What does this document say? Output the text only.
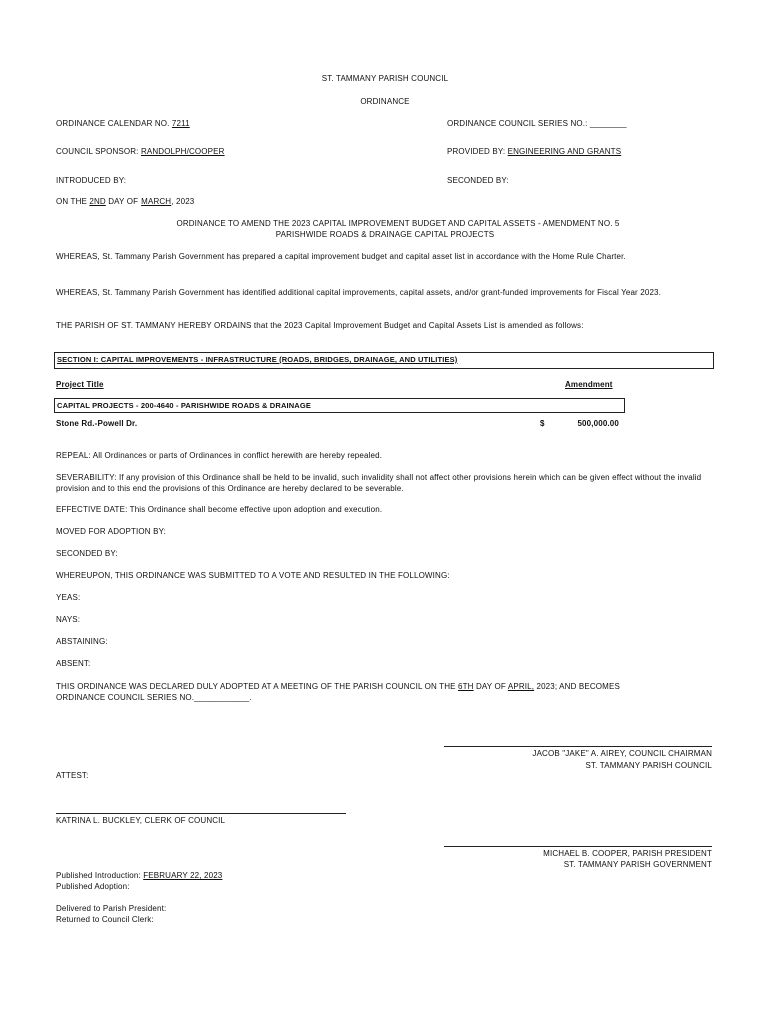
ST. TAMMANY PARISH COUNCIL
ORDINANCE
ORDINANCE CALENDAR NO. 7211	ORDINANCE COUNCIL SERIES NO.: ________
COUNCIL SPONSOR: RANDOLPH/COOPER	PROVIDED BY: ENGINEERING AND GRANTS
INTRODUCED BY:	SECONDED BY:
ON THE 2ND DAY OF MARCH, 2023
ORDINANCE TO AMEND THE 2023 CAPITAL IMPROVEMENT BUDGET AND CAPITAL ASSETS - AMENDMENT NO. 5
PARISHWIDE ROADS & DRAINAGE CAPITAL PROJECTS
WHEREAS, St. Tammany Parish Government has prepared a capital improvement budget and capital asset list in accordance with the Home Rule Charter.
WHEREAS, St. Tammany Parish Government has identified additional capital improvements, capital assets, and/or grant-funded improvements for Fiscal Year 2023.
THE PARISH OF ST. TAMMANY HEREBY ORDAINS that the 2023 Capital Improvement Budget and Capital Assets List is amended as follows:
SECTION I: CAPITAL IMPROVEMENTS - INFRASTRUCTURE (ROADS, BRIDGES, DRAINAGE, AND UTILITIES)
Project Title	Amendment
CAPITAL PROJECTS - 200-4640 - PARISHWIDE ROADS & DRAINAGE
Stone Rd.-Powell Dr.	$	500,000.00
REPEAL: All Ordinances or parts of Ordinances in conflict herewith are hereby repealed.
SEVERABILITY: If any provision of this Ordinance shall be held to be invalid, such invalidity shall not affect other provisions herein which can be given effect without the invalid provision and to this end the provisions of this Ordinance are hereby declared to be severable.
EFFECTIVE DATE: This Ordinance shall become effective upon adoption and execution.
MOVED FOR ADOPTION BY:
SECONDED BY:
WHEREUPON, THIS ORDINANCE WAS SUBMITTED TO A VOTE AND RESULTED IN THE FOLLOWING:
YEAS:
NAYS:
ABSTAINING:
ABSENT:
THIS ORDINANCE WAS DECLARED DULY ADOPTED AT A MEETING OF THE PARISH COUNCIL ON THE 6TH DAY OF APRIL, 2023; AND BECOMES
ORDINANCE COUNCIL SERIES NO.____________.
JACOB "JAKE" A. AIREY, COUNCIL CHAIRMAN
ST. TAMMANY PARISH COUNCIL
ATTEST:
KATRINA L. BUCKLEY, CLERK OF COUNCIL
MICHAEL B. COOPER, PARISH PRESIDENT
ST. TAMMANY PARISH GOVERNMENT
Published Introduction: FEBRUARY 22, 2023
Published Adoption:
Delivered to Parish President:
Returned to Council Clerk:
